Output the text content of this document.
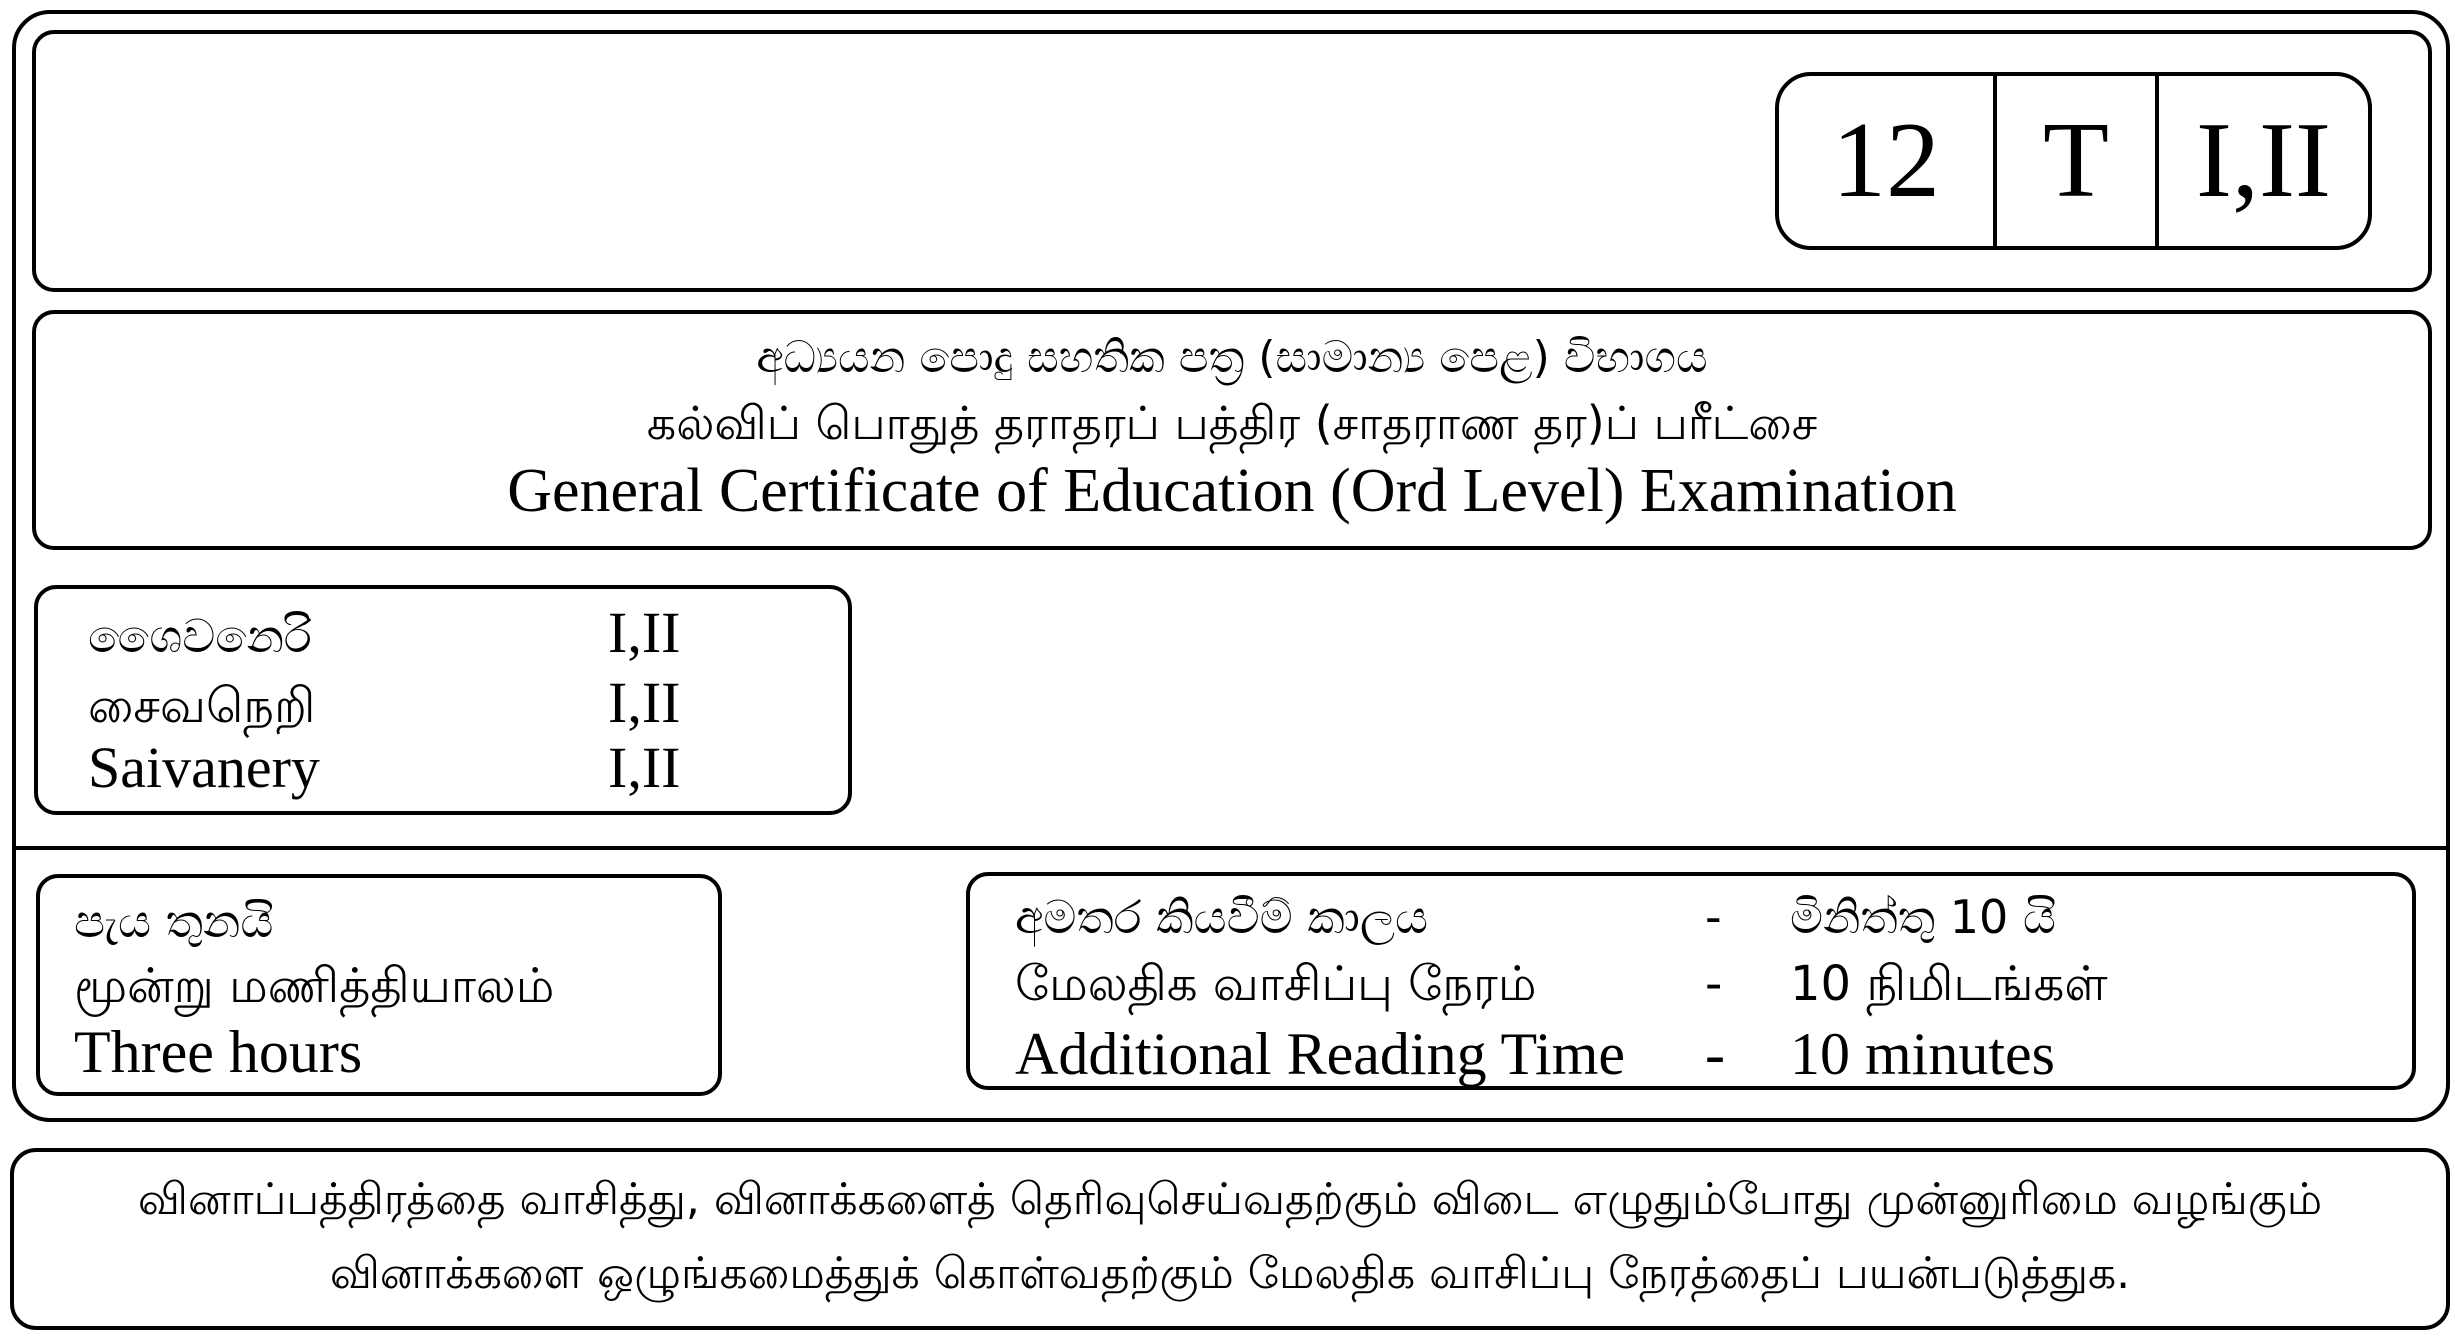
12 T I,II
අධ්‍යයන පොදු සහතික පත්‍ර (සාමාන්‍ය පෙළ) විභාගය
கல்விப் பொதுத் தராதரப் பத்திர (சாதராண தர)ப் பரீட்சை
General Certificate of Education (Ord Level) Examination
ශෛවනෙරි	I,II
சைவநெறி	I,II
Saivanery	I,II
පැය තුනයි
மூன்று மணித்தியாலம்
Three hours
අමතර කියවීම් කාලය	- මිනිත්තු 10 යි
மேலதிக வாசிப்பு நேரம்	- 10 நிமிடங்கள்
Additional Reading Time - 10 minutes
வினாப்பத்திரத்தை வாசித்து, வினாக்களைத் தெரிவுசெய்வதற்கும் விடை எழுதும்போது முன்னுரிமை வழங்கும்
வினாக்களை ஒழுங்கமைத்துக் கொள்வதற்கும் மேலதிக வாசிப்பு நேரத்தைப் பயன்படுத்துக.
